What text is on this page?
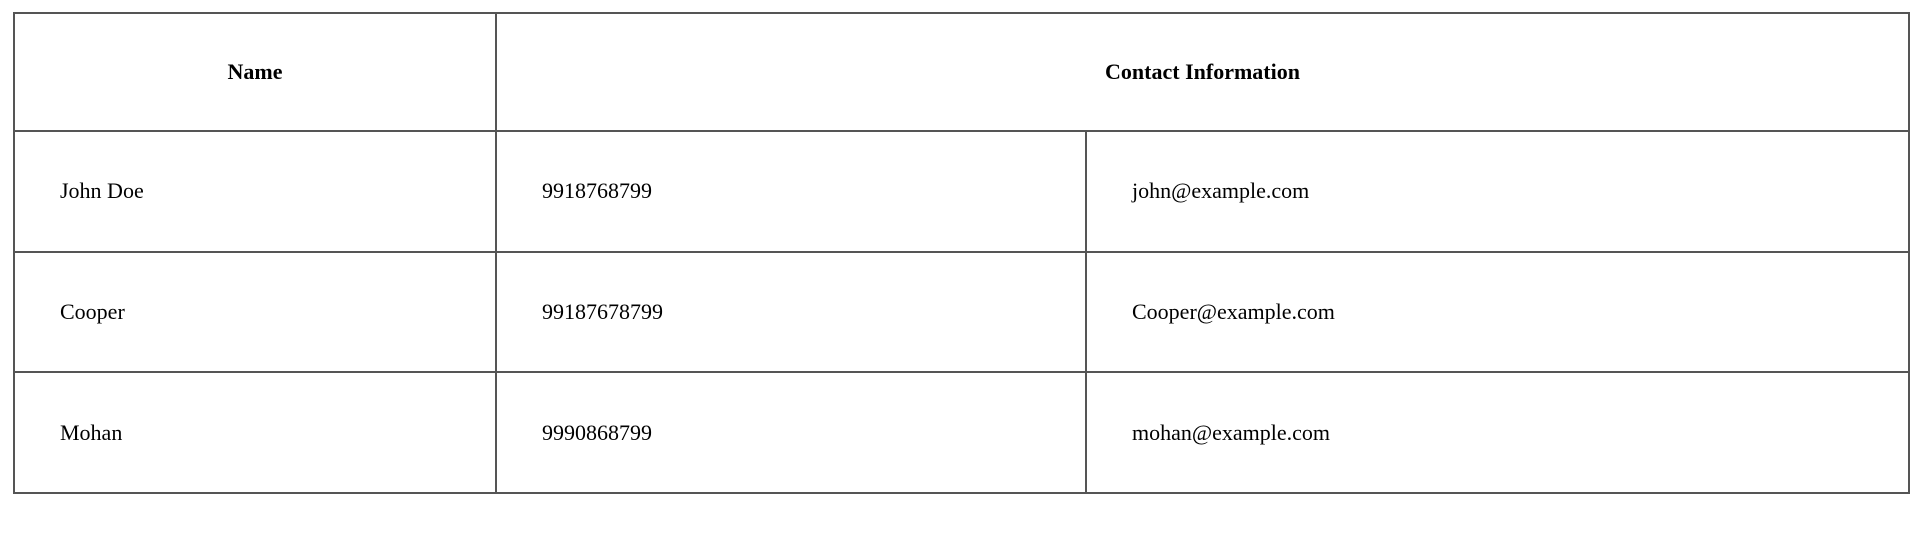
Name	Contact Information	
John Doe	9918768799	john@example.com
Cooper	99187678799	Cooper@example.com
Mohan	9990868799	mohan@example.com
